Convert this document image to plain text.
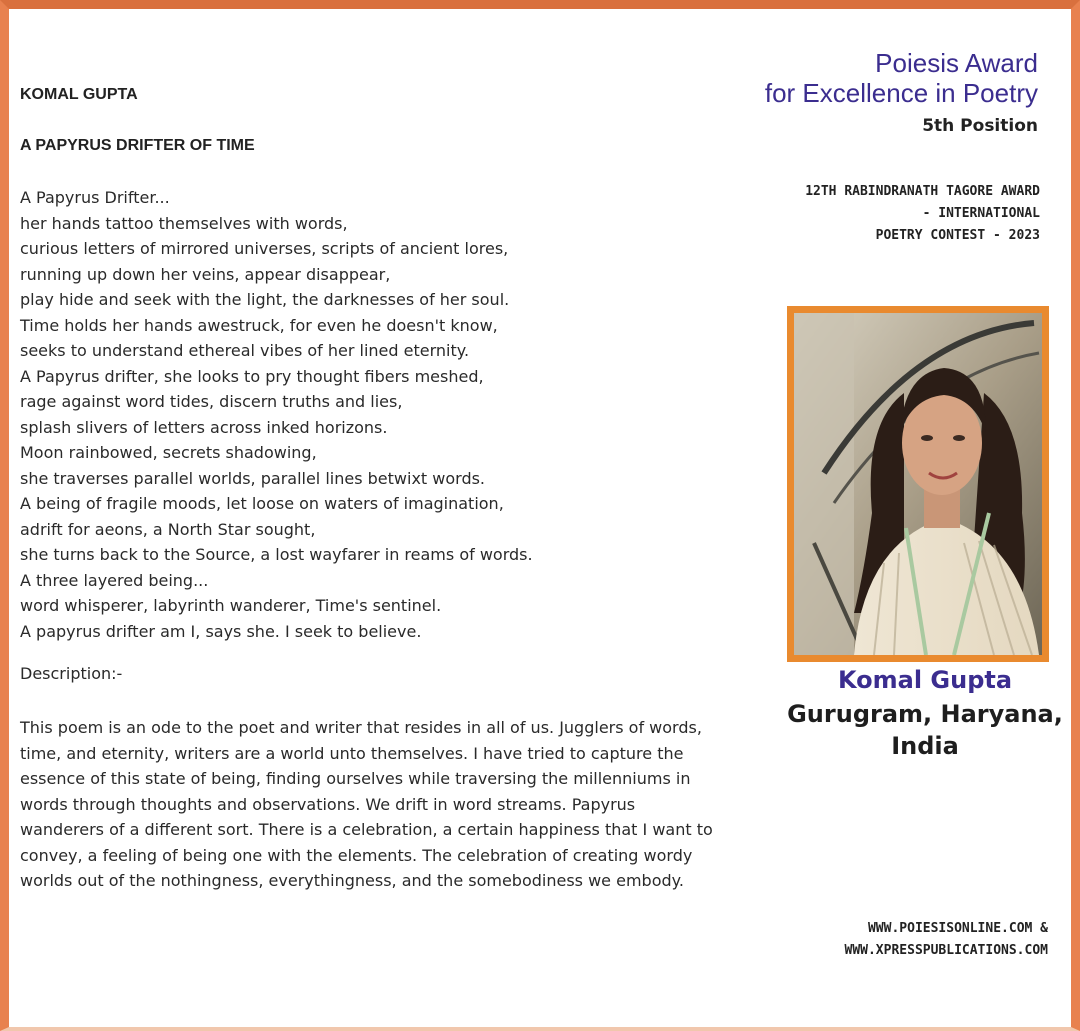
KOMAL GUPTA
A PAPYRUS DRIFTER OF TIME
A Papyrus Drifter...
her hands tattoo themselves with words,
curious letters of mirrored universes, scripts of ancient lores,
running up down her veins, appear disappear,
play hide and seek with the light, the darknesses of her soul.
Time holds her hands awestruck, for even he doesn't know,
seeks to understand ethereal vibes of her lined eternity.
A Papyrus drifter, she looks to pry thought fibers meshed,
rage against word tides, discern truths and lies,
splash slivers of letters across inked horizons.
Moon rainbowed, secrets shadowing,
she traverses parallel worlds, parallel lines betwixt words.
A being of fragile moods, let loose on waters of imagination,
adrift for aeons, a North Star sought,
she turns back to the Source, a lost wayfarer in reams of words.
A three layered being...
word whisperer, labyrinth wanderer, Time's sentinel.
A papyrus drifter am I, says she. I seek to believe.
Description:-
This poem is an ode to the poet and writer that resides in all of us. Jugglers of words,
time, and eternity, writers are a world unto themselves. I have tried to capture the
essence of this state of being, finding ourselves while traversing the millenniums in
words through thoughts and observations. We drift in word streams. Papyrus
wanderers of a different sort. There is a celebration, a certain happiness that I want to
convey, a feeling of being one with the elements. The celebration of creating wordy
worlds out of the nothingness, everythingness, and the somebodiness we embody.
Poiesis Award
for Excellence in Poetry
5th Position
12TH RABINDRANATH TAGORE AWARD
- INTERNATIONAL
POETRY CONTEST - 2023
Komal Gupta
Gurugram, Haryana,
India
WWW.POIESISONLINE.COM &
WWW.XPRESSPUBLICATIONS.COM
